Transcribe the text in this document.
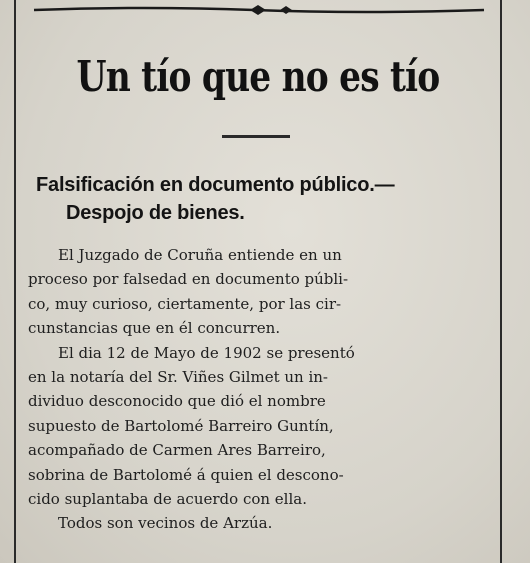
Un tío que no es tío
Falsificación en documento público.—
Despojo de bienes.

El Juzgado de Coruña entiende en un
proceso por falsedad en documento públi-
co, muy curioso, ciertamente, por las cir-
cunstancias que en él concurren.

El dia 12 de Mayo de 1902 se presentó
en la notaría del Sr. Viñes Gilmet un in-
dividuo desconocido que dió el nombre
supuesto de Bartolomé Barreiro Guntín,
acompañado de Carmen Ares Barreiro,
sobrina de Bartolomé á quien el descono-
cido suplantaba de acuerdo con ella.

Todos son vecinos de Arzúa.
